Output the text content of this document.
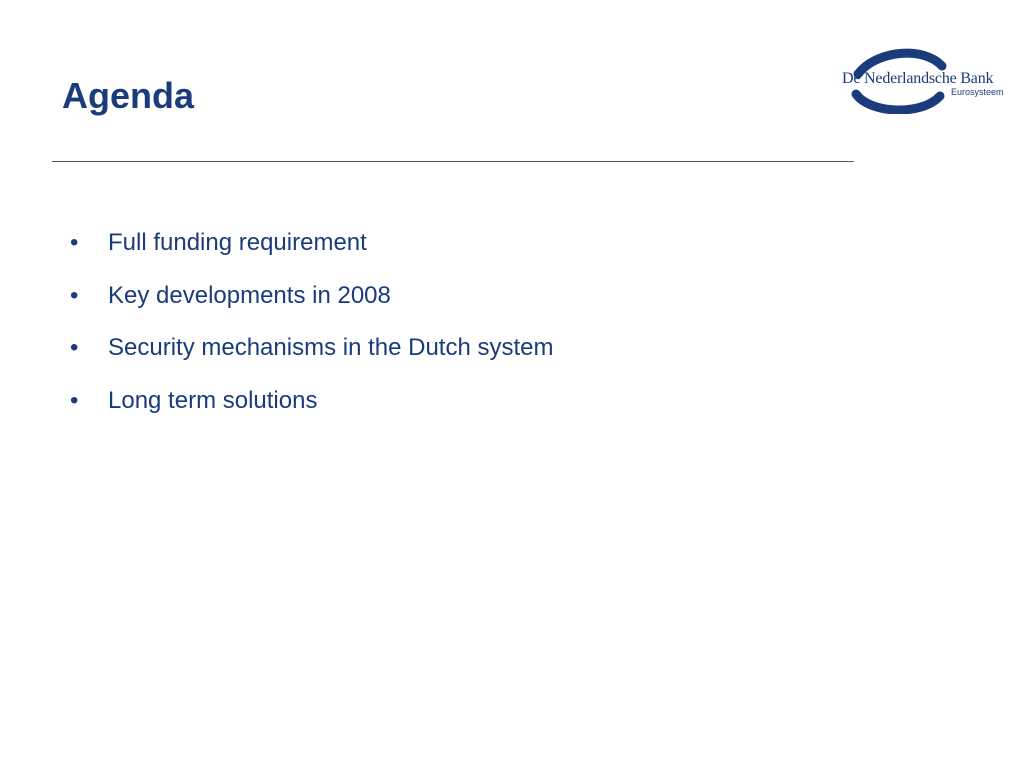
Agenda	De Nederlandsche Bank
Eurosysteem
•	Full funding requirement
•	Key developments in 2008
•	Security mechanisms in the Dutch system
•	Long term solutions
